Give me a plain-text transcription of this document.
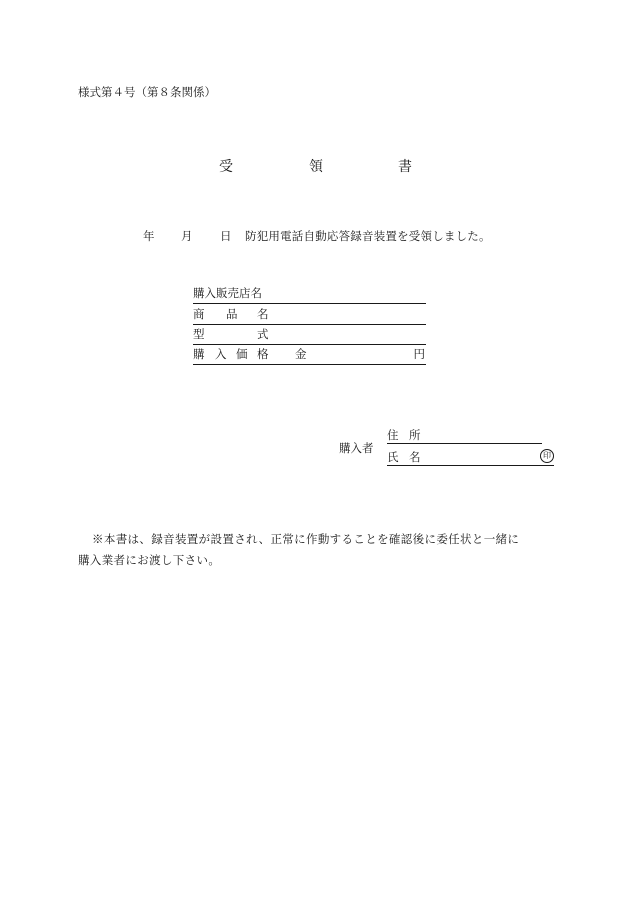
様式第４号（第８条関係）
受	領	書
年 月 日 防犯用電話自動応答録音装置を受領しました。
購入販売店名
商 品 名
型	式
購 入 価 格 金	円
購入者
住 所
氏 名	印
※本書は、録音装置が設置され、正常に作動することを確認後に委任状と一緒に
購入業者にお渡し下さい。
